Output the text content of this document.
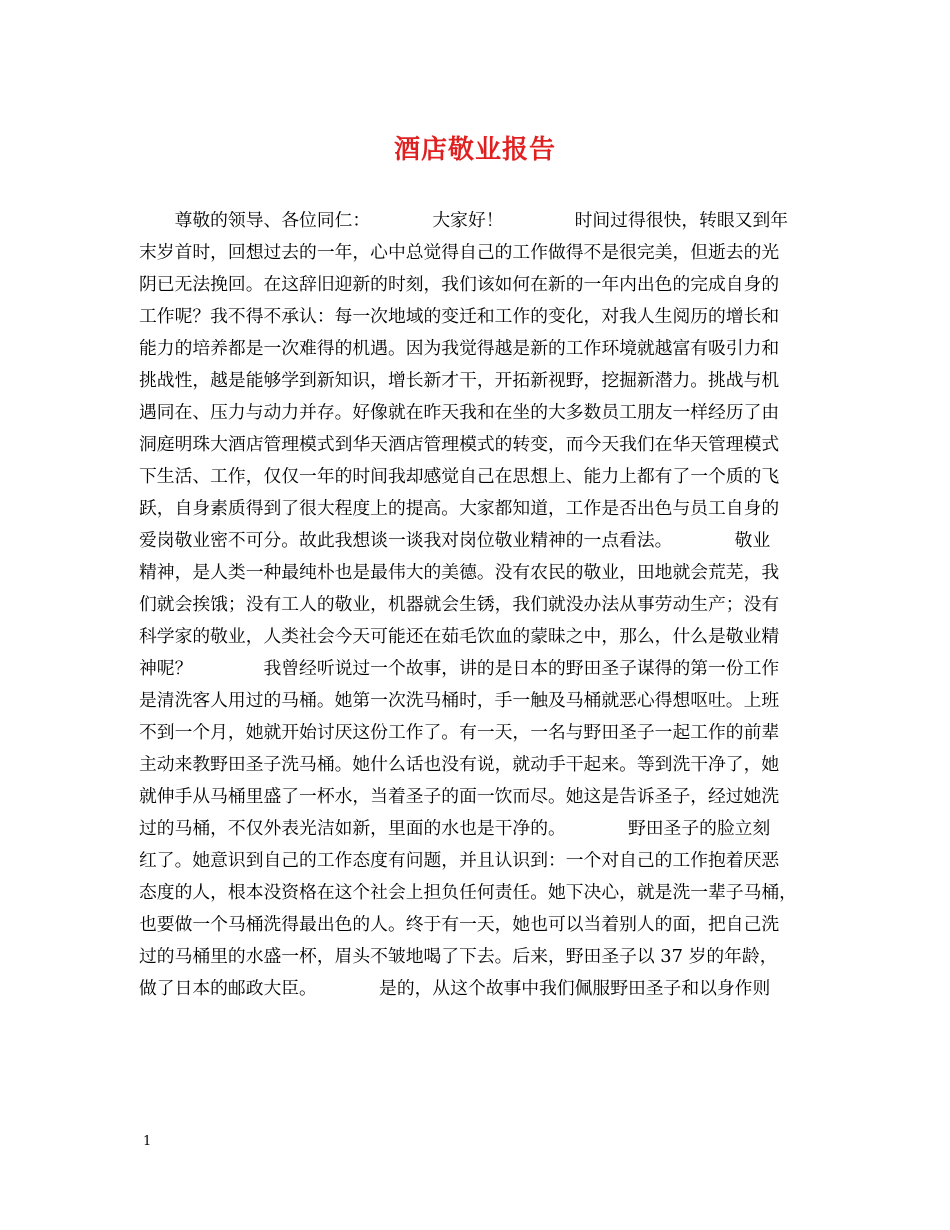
酒店敬业报告
　　尊敬的领导、各位同仁：　　　　大家好！　　　　时间过得很快，转眼又到年
末岁首时，回想过去的一年，心中总觉得自己的工作做得不是很完美，但逝去的光
阴已无法挽回。在这辞旧迎新的时刻，我们该如何在新的一年内出色的完成自身的
工作呢？我不得不承认：每一次地域的变迁和工作的变化，对我人生阅历的增长和
能力的培养都是一次难得的机遇。因为我觉得越是新的工作环境就越富有吸引力和
挑战性，越是能够学到新知识，增长新才干，开拓新视野，挖掘新潜力。挑战与机
遇同在、压力与动力并存。好像就在昨天我和在坐的大多数员工朋友一样经历了由
洞庭明珠大酒店管理模式到华天酒店管理模式的转变，而今天我们在华天管理模式
下生活、工作，仅仅一年的时间我却感觉自己在思想上、能力上都有了一个质的飞
跃，自身素质得到了很大程度上的提高。大家都知道，工作是否出色与员工自身的
爱岗敬业密不可分。故此我想谈一谈我对岗位敬业精神的一点看法。　　　　敬业
精神，是人类一种最纯朴也是最伟大的美德。没有农民的敬业，田地就会荒芜，我
们就会挨饿；没有工人的敬业，机器就会生锈，我们就没办法从事劳动生产；没有
科学家的敬业，人类社会今天可能还在茹毛饮血的蒙昧之中，那么，什么是敬业精
神呢？　　　　我曾经听说过一个故事，讲的是日本的野田圣子谋得的第一份工作
是清洗客人用过的马桶。她第一次洗马桶时，手一触及马桶就恶心得想呕吐。上班
不到一个月，她就开始讨厌这份工作了。有一天，一名与野田圣子一起工作的前辈
主动来教野田圣子洗马桶。她什么话也没有说，就动手干起来。等到洗干净了，她
就伸手从马桶里盛了一杯水，当着圣子的面一饮而尽。她这是告诉圣子，经过她洗
过的马桶，不仅外表光洁如新，里面的水也是干净的。　　　　野田圣子的脸立刻
红了。她意识到自己的工作态度有问题，并且认识到：一个对自己的工作抱着厌恶
态度的人，根本没资格在这个社会上担负任何责任。她下决心，就是洗一辈子马桶，
也要做一个马桶洗得最出色的人。终于有一天，她也可以当着别人的面，把自己洗
过的马桶里的水盛一杯，眉头不皱地喝了下去。后来，野田圣子以 37 岁的年龄，
做了日本的邮政大臣。　　　　是的，从这个故事中我们佩服野田圣子和以身作则
1
